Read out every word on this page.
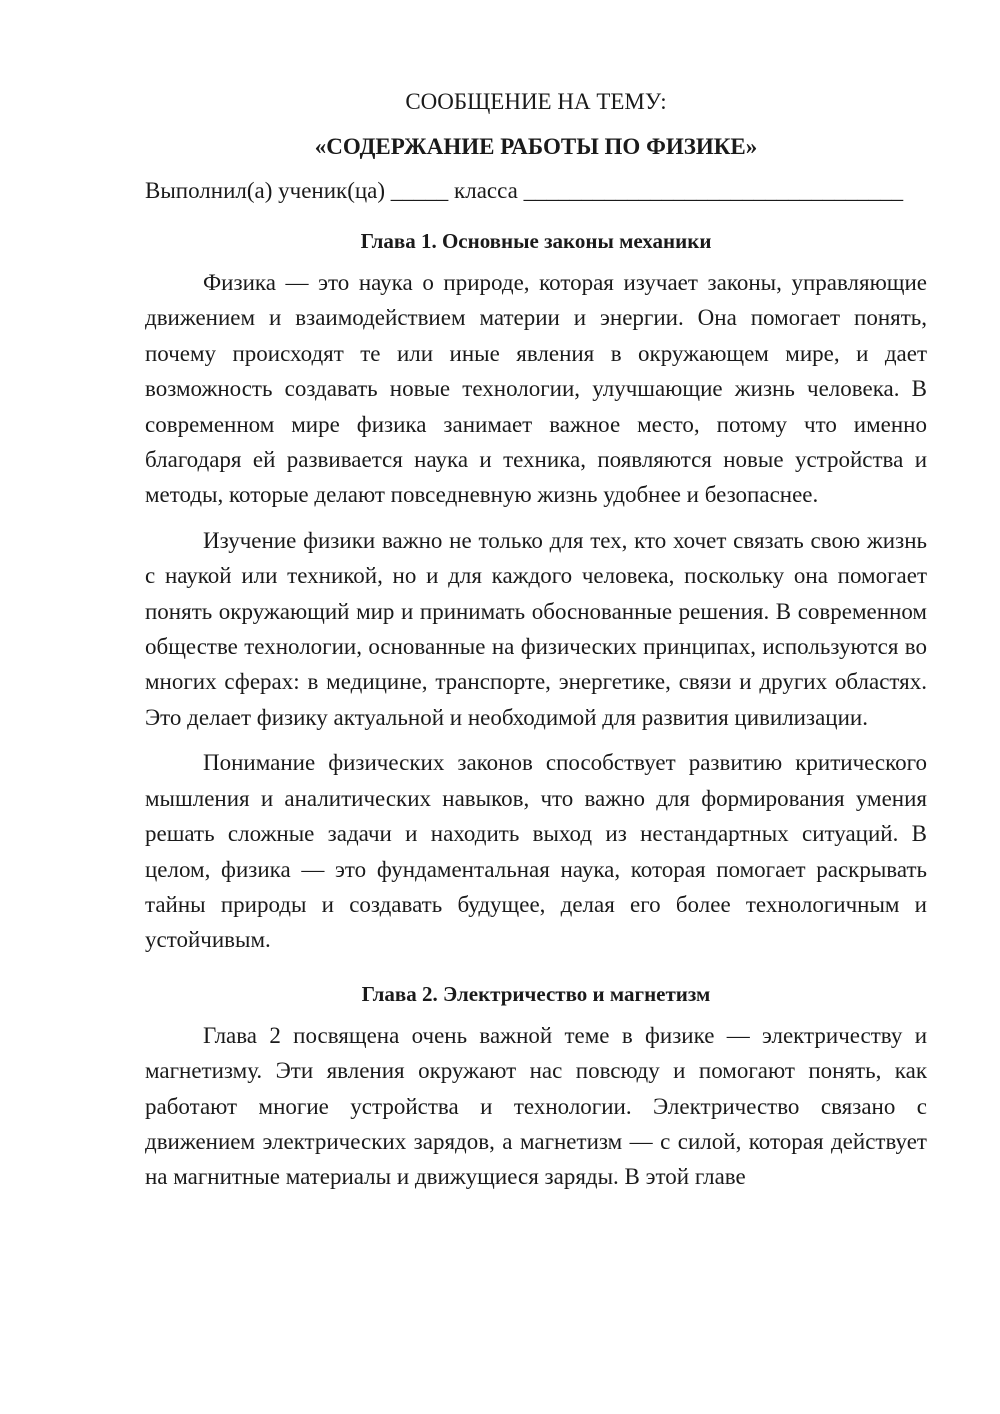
СООБЩЕНИЕ НА ТЕМУ:

«СОДЕРЖАНИЕ РАБОТЫ ПО ФИЗИКЕ»

Выполнил(а) ученик(ца) _____ класса _________________________________

Глава 1. Основные законы механики

Физика — это наука о природе, которая изучает законы, управляющие движением и взаимодействием материи и энергии. Она помогает понять, почему происходят те или иные явления в окружающем мире, и дает возможность создавать новые технологии, улучшающие жизнь человека. В современном мире физика занимает важное место, потому что именно благодаря ей развивается наука и техника, появляются новые устройства и методы, которые делают повседневную жизнь удобнее и безопаснее.

Изучение физики важно не только для тех, кто хочет связать свою жизнь с наукой или техникой, но и для каждого человека, поскольку она помогает понять окружающий мир и принимать обоснованные решения. В современном обществе технологии, основанные на физических принципах, используются во многих сферах: в медицине, транспорте, энергетике, связи и других областях. Это делает физику актуальной и необходимой для развития цивилизации.

Понимание физических законов способствует развитию критического мышления и аналитических навыков, что важно для формирования умения решать сложные задачи и находить выход из нестандартных ситуаций. В целом, физика — это фундаментальная наука, которая помогает раскрывать тайны природы и создавать будущее, делая его более технологичным и устойчивым.

Глава 2. Электричество и магнетизм

Глава 2 посвящена очень важной теме в физике — электричеству и магнетизму. Эти явления окружают нас повсюду и помогают понять, как работают многие устройства и технологии. Электричество связано с движением электрических зарядов, а магнетизм — с силой, которая действует на магнитные материалы и движущиеся заряды. В этой главе
